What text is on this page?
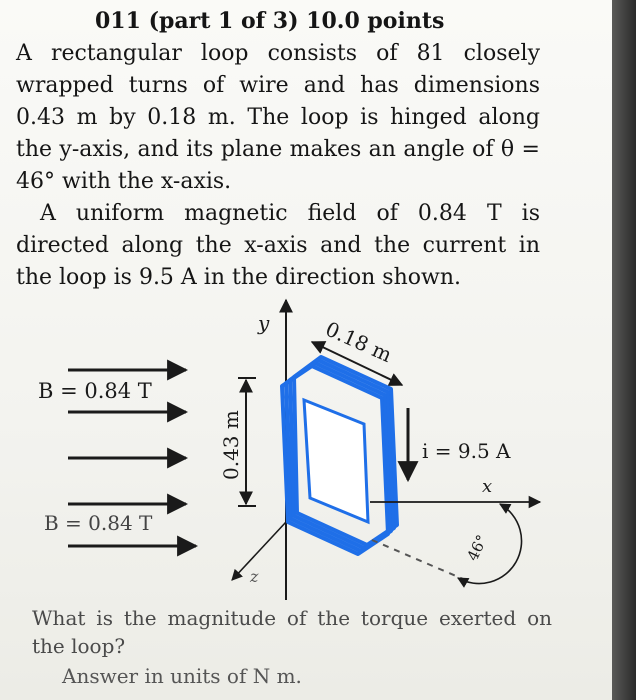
011 (part 1 of 3) 10.0 points

A rectangular loop consists of 81 closely wrapped turns of wire and has dimensions 0.43 m by 0.18 m. The loop is hinged along the y-axis, and its plane makes an angle of θ = 46° with the x-axis.

A uniform magnetic field of 0.84 T is directed along the x-axis and the current in the loop is 9.5 A in the direction shown.

B = 0.84 T
B = 0.84 T
0.43 m
y
z
0.18 m
i = 9.5 A
x
46°

What is the magnitude of the torque exerted on the loop?

Answer in units of N m.
